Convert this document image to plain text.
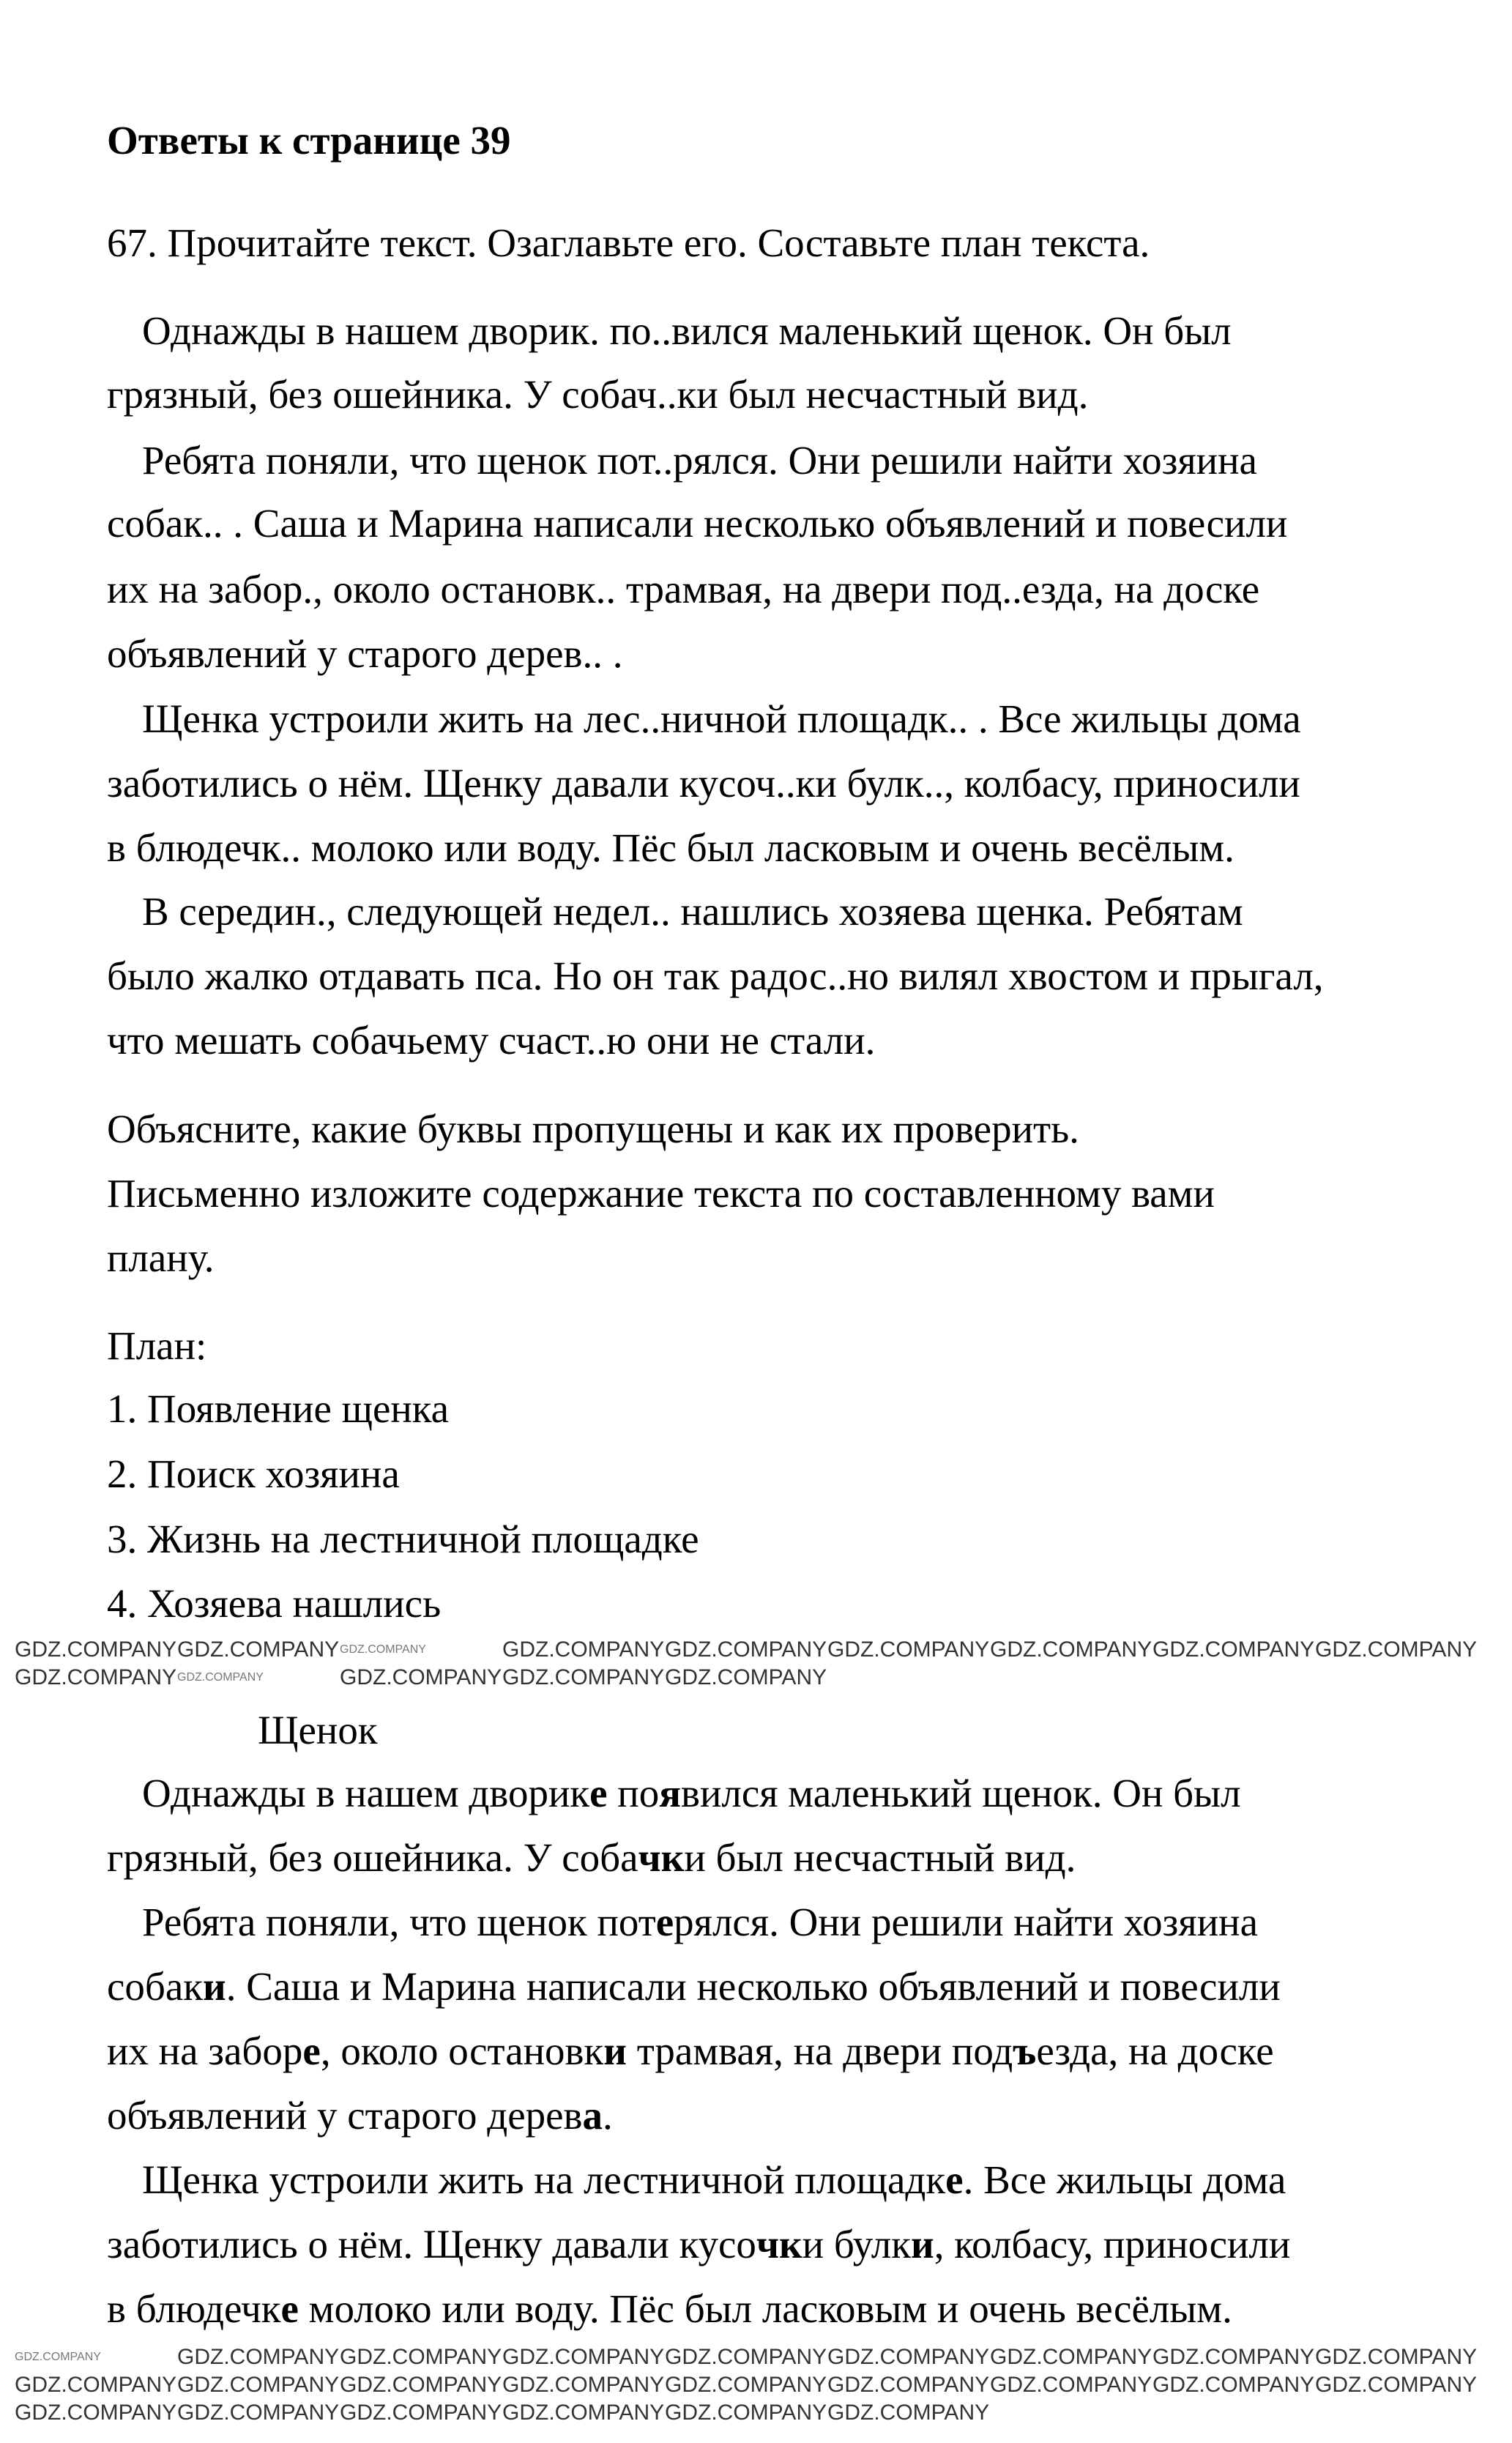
Ответы к странице 39
67. Прочитайте текст. Озаглавьте его. Составьте план текста.
Однажды в нашем дворик. по..вился маленький щенок. Он был
грязный, без ошейника. У собач..ки был несчастный вид.
Ребята поняли, что щенок пот..рялся. Они решили найти хозяина
собак.. . Саша и Марина написали несколько объявлений и повесили
их на забор., около остановк.. трамвая, на двери под..езда, на доске
объявлений у старого дерев.. .
Щенка устроили жить на лес..ничной площадк.. . Все жильцы дома
заботились о нём. Щенку давали кусоч..ки булк.., колбасу, приносили
в блюдечк.. молоко или воду. Пёс был ласковым и очень весёлым.
В середин., следующей недел.. нашлись хозяева щенка. Ребятам
было жалко отдавать пса. Но он так радос..но вилял хвостом и прыгал,
что мешать собачьему счаст..ю они не стали.
Объясните, какие буквы пропущены и как их проверить.
Письменно изложите содержание текста по составленному вами
плану.
План:
1. Появление щенка
2. Поиск хозяина
3. Жизнь на лестничной площадке
4. Хозяева нашлись
GDZ.COMPANY GDZ.COMPANY GDZ.COMPANY	GDZ.COMPANY GDZ.COMPANY GDZ.COMPANY GDZ.COMPANY GDZ.COMPANY GDZ.COMPANY
GDZ.COMPANY GDZ.COMPANY	GDZ.COMPANY GDZ.COMPANY GDZ.COMPANY
Щенок
Однажды в нашем дворике появился маленький щенок. Он был
грязный, без ошейника. У собачки был несчастный вид.
Ребята поняли, что щенок потерялся. Они решили найти хозяина
собаки. Саша и Марина написали несколько объявлений и повесили
их на заборе, около остановки трамвая, на двери подъезда, на доске
объявлений у старого дерева.
Щенка устроили жить на лестничной площадке. Все жильцы дома
заботились о нём. Щенку давали кусочки булки, колбасу, приносили
в блюдечке молоко или воду. Пёс был ласковым и очень весёлым.
GDZ.COMPANY	GDZ.COMPANY GDZ.COMPANY GDZ.COMPANY GDZ.COMPANY GDZ.COMPANY GDZ.COMPANY GDZ.COMPANY GDZ.COMPANY
GDZ.COMPANY GDZ.COMPANY GDZ.COMPANY GDZ.COMPANY GDZ.COMPANY GDZ.COMPANY GDZ.COMPANY GDZ.COMPANY GDZ.COMPANY
GDZ.COMPANY GDZ.COMPANY GDZ.COMPANY GDZ.COMPANY GDZ.COMPANY GDZ.COMPANY
